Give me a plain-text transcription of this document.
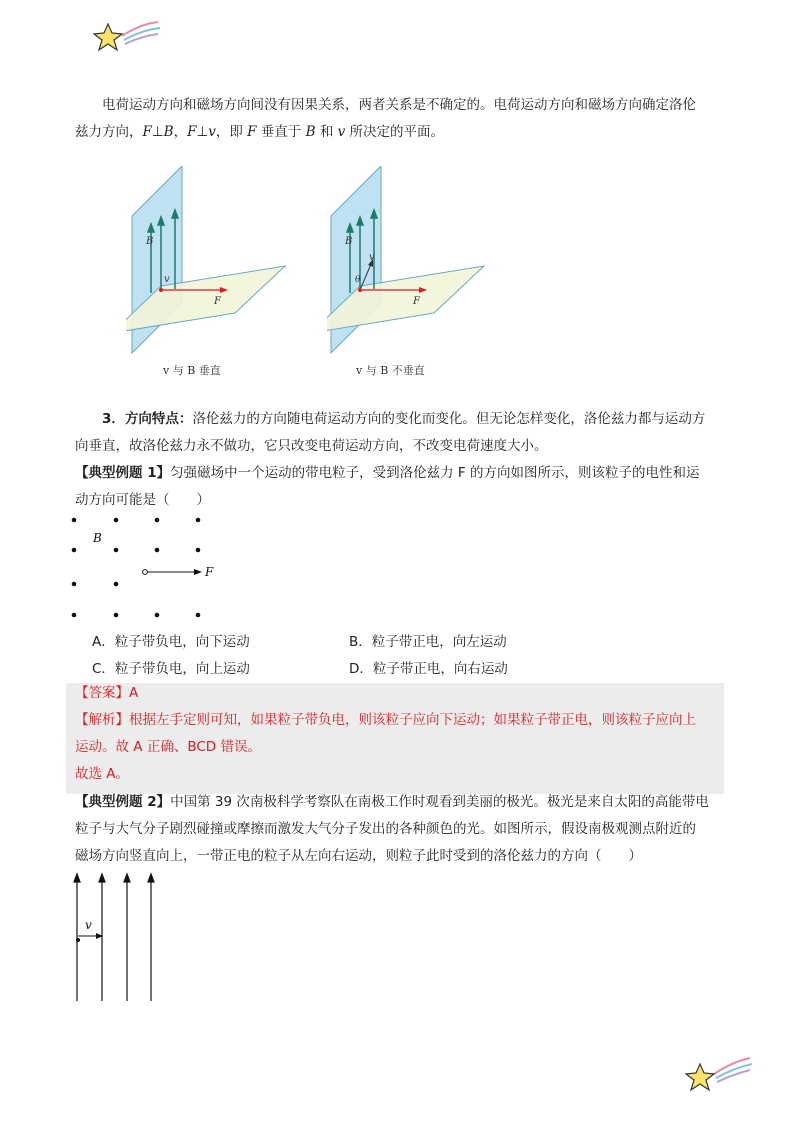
电荷运动方向和磁场方向间没有因果关系，两者关系是不确定的。电荷运动方向和磁场方向确定洛伦
兹力方向，F⊥B，F⊥v，即 F 垂直于 B 和 v 所决定的平面。
B
v
F
v 与 B 垂直
B
v
θ
F
v 与 B 不垂直
3．方向特点：洛伦兹力的方向随电荷运动方向的变化而变化。但无论怎样变化，洛伦兹力都与运动方
向垂直，故洛伦兹力永不做功，它只改变电荷运动方向，不改变电荷速度大小。
【典型例题 1】匀强磁场中一个运动的带电粒子，受到洛伦兹力 F 的方向如图所示，则该粒子的电性和运
动方向可能是（　　）
B
F
A．粒子带负电，向下运动	B．粒子带正电，向左运动
C．粒子带负电，向上运动	D．粒子带正电，向右运动
【答案】A
【解析】根据左手定则可知，如果粒子带负电，则该粒子应向下运动；如果粒子带正电，则该粒子应向上
运动。故 A 正确、BCD 错误。
故选 A。
【典型例题 2】中国第 39 次南极科学考察队在南极工作时观看到美丽的极光。极光是来自太阳的高能带电
粒子与大气分子剧烈碰撞或摩擦而激发大气分子发出的各种颜色的光。如图所示，假设南极观测点附近的
磁场方向竖直向上，一带正电的粒子从左向右运动，则粒子此时受到的洛伦兹力的方向（　　）
v
